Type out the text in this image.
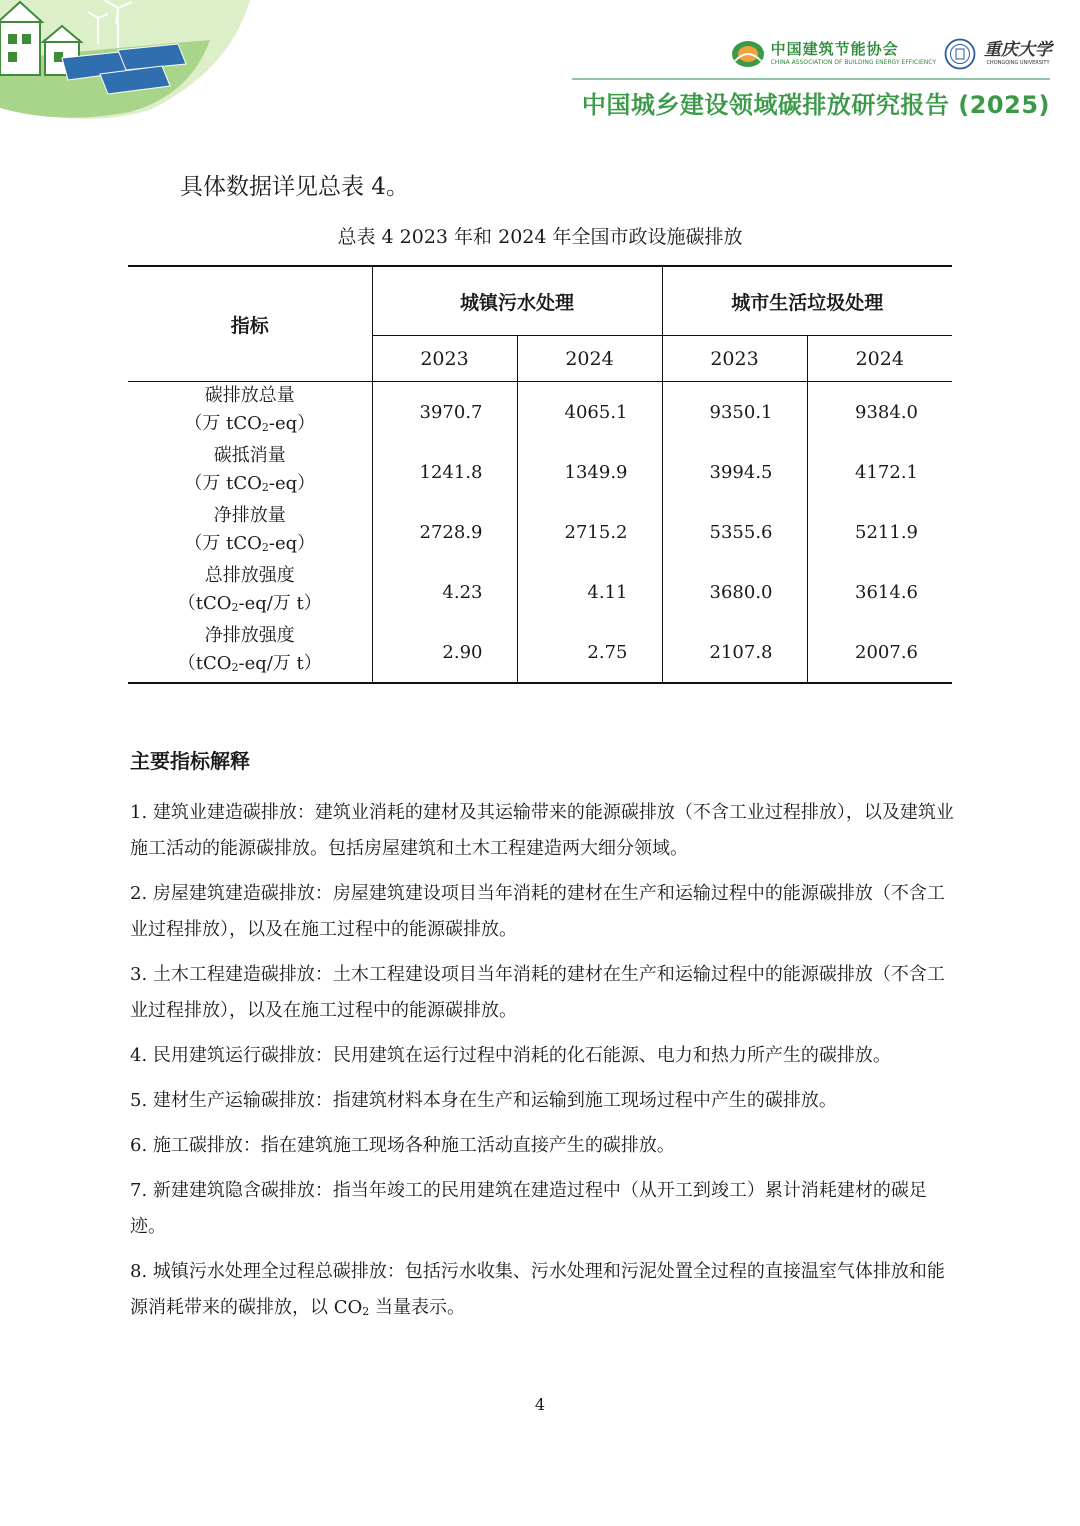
中国建筑节能协会
CHINA ASSOCIATION OF BUILDING ENERGY EFFICIENCY
重庆大学
CHONGQING UNIVERSITY
中国城乡建设领域碳排放研究报告 (2025)
具体数据详见总表 4。
总表 4 2023 年和 2024 年全国市政设施碳排放
指标	城镇污水处理		城市生活垃圾处理	
	2023	2024	2023	2024
碳排放总量
（万 tCO$_2$-eq）	3970.7	4065.1	9350.1	9384.0
碳抵消量
（万 tCO$_2$-eq）	1241.8	1349.9	3994.5	4172.1
净排放量
（万 tCO$_2$-eq）	2728.9	2715.2	5355.6	5211.9
总排放强度
（tCO$_2$-eq/万 t）	4.23	4.11	3680.0	3614.6
净排放强度
（tCO$_2$-eq/万 t）	2.90	2.75	2107.8	2007.6
主要指标解释

1. 建筑业建造碳排放：建筑业消耗的建材及其运输带来的能源碳排放（不含工业过程排放），以及建筑业施工活动的能源碳排放。包括房屋建筑和土木工程建造两大细分领域。

2. 房屋建筑建造碳排放：房屋建筑建设项目当年消耗的建材在生产和运输过程中的能源碳排放（不含工业过程排放），以及在施工过程中的能源碳排放。

3. 土木工程建造碳排放：土木工程建设项目当年消耗的建材在生产和运输过程中的能源碳排放（不含工业过程排放），以及在施工过程中的能源碳排放。

4. 民用建筑运行碳排放：民用建筑在运行过程中消耗的化石能源、电力和热力所产生的碳排放。

5. 建材生产运输碳排放：指建筑材料本身在生产和运输到施工现场过程中产生的碳排放。

6. 施工碳排放：指在建筑施工现场各种施工活动直接产生的碳排放。

7. 新建建筑隐含碳排放：指当年竣工的民用建筑在建造过程中（从开工到竣工）累计消耗建材的碳足迹。

8. 城镇污水处理全过程总碳排放：包括污水收集、污水处理和污泥处置全过程的直接温室气体排放和能源消耗带来的碳排放，以 $CO_2$ 当量表示。

4
